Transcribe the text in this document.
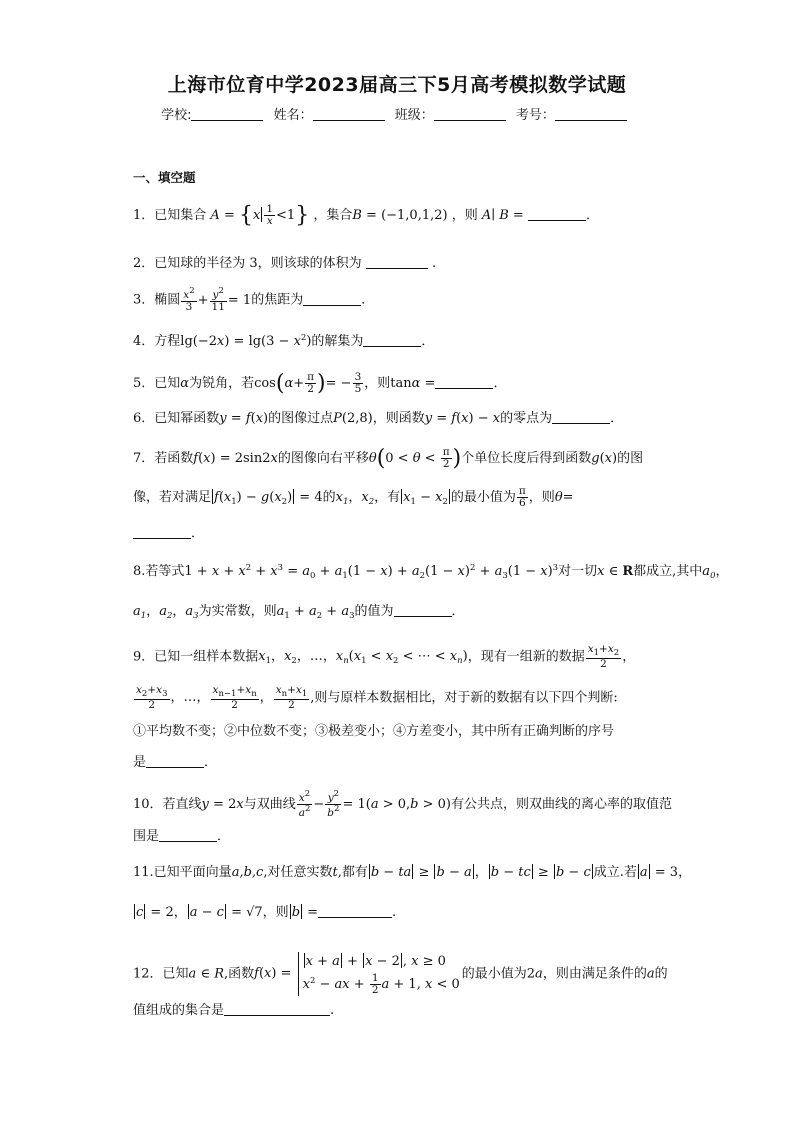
上海市位育中学2023届高三下5月高考模拟数学试题
学校:	姓名：	班级：	考号：
一、填空题
1．已知集合 $A = \{x \frac{1}{x} <1\}$ ，集合B = (−1,0,1,2) ，则 A∣ B =	．
2．已知球的半径为 3，则该球的体积为	.
3．椭圆 $\frac{x^2}{3} + \frac{y^2}{11} = 1$的焦距为	．
4．方程$\lg(-2x) = \lg(3 - x^2)$的解集为	．
5．已知α为锐角，若$\cos(\alpha+ \frac{\pi}{2}$ )= − $\frac{3}{5}$ ，则tanα =	．
6．已知幂函数y = f(x)的图像过点P(2,8)，则函数y = f(x) − x的零点为	．
7．若函数f(x) = 2sin2x的图像向右平移$\theta(0 < \theta < \frac{\pi}{2}$ )个单位长度后得到函数g(x)的图
像，若对满足 $f(x_1) - g(x_2) = 4$的$x_1$，$x_2$，有 $x_1 - x_2$ 的最小值为 $\frac{\pi}{6}$ ，则θ=
．
8.若等式$1 + x + x^2 + x^3 = a_0 + a_1(1 - x) + a_2(1 - x)^2 + a_3(1 - x)^3$对一切x ∈ R都成立,其中$a_0$，
$a_1$，$a_2$，$a_3$为实常数，则$a_1 + a_2 + a_3$的值为	．
9．已知一组样本数据$x_1$，$x_2$，…，$x_n(x_1 < x_2$ < ⋯ < $x_n$)，现有一组新的数据 $\frac{x_1+x_2}{2}$ ，
$\frac{x_2+x_3}{2}$ ，…， $\frac{x_{n-1}+x_n}{2}$ ， $\frac{x_n+x_1}{2}$ ,则与原样本数据相比，对于新的数据有以下四个判断:
①平均数不变；②中位数不变；③极差变小；④方差变小，其中所有正确判断的序号
是	．
10．若直线y = 2x与双曲线 $\frac{x^2}{a^2} - \frac{y^2}{b^2} = 1(a > 0,b > 0)$有公共点，则双曲线的离心率的取值范
围是	．
11.已知平面向量a,b,c,对任意实数t,都有 b − ta ≥ b − a ， b − tc ≥ b − c 成立.若 a = 3，
c = 2， a − c = √7，则 b =	.
12．已知a ∈ R,函数f(x) =
x + a + x − 2 , x ≥ 0
$x^2$ − ax + $\frac{1}{2}$ a + 1, x < 0
的最小值为2a，则由满足条件的a的
值组成的集合是	.
